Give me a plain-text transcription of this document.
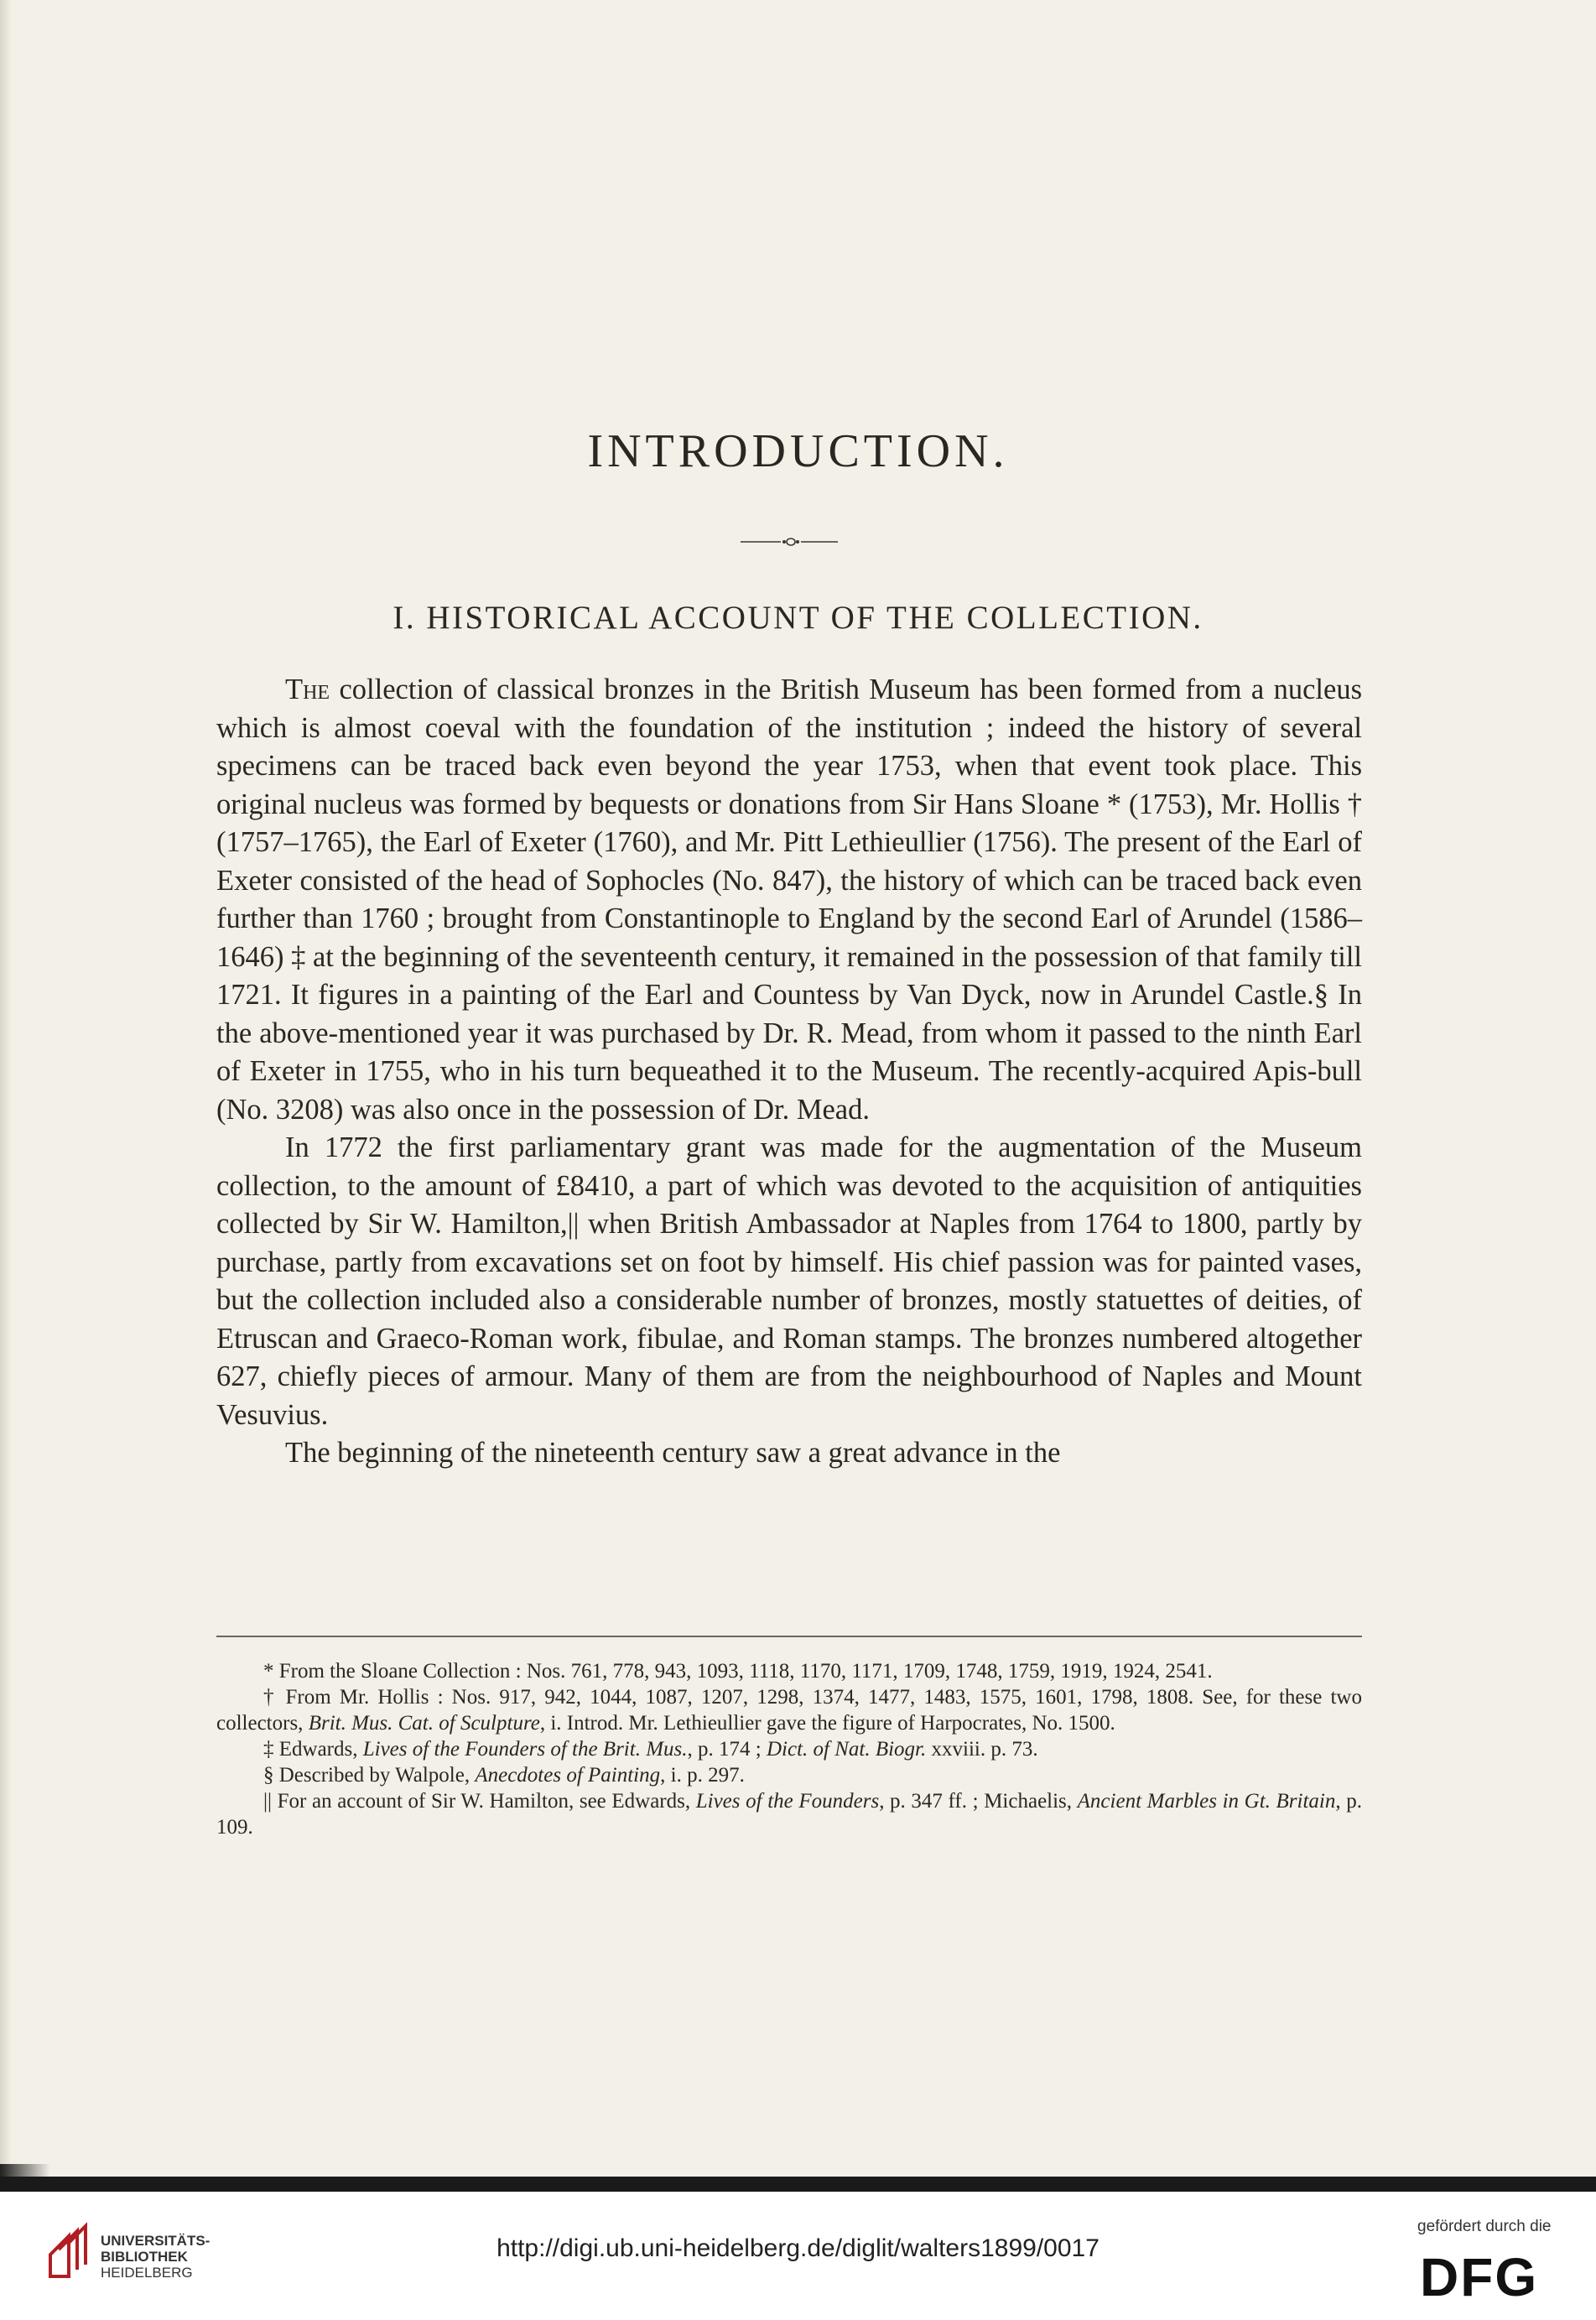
INTRODUCTION.
I. HISTORICAL ACCOUNT OF THE COLLECTION.

The collection of classical bronzes in the British Museum has been formed from a nucleus which is almost coeval with the foundation of the institution ; indeed the history of several specimens can be traced back even beyond the year 1753, when that event took place. This original nucleus was formed by bequests or donations from Sir Hans Sloane * (1753), Mr. Hollis † (1757–1765), the Earl of Exeter (1760), and Mr. Pitt Lethieullier (1756). The present of the Earl of Exeter consisted of the head of Sophocles (No. 847), the history of which can be traced back even further than 1760 ; brought from Constantinople to England by the second Earl of Arundel (1586–1646) ‡ at the beginning of the seventeenth century, it remained in the possession of that family till 1721. It figures in a painting of the Earl and Countess by Van Dyck, now in Arundel Castle.§ In the above-mentioned year it was purchased by Dr. R. Mead, from whom it passed to the ninth Earl of Exeter in 1755, who in his turn bequeathed it to the Museum. The recently-acquired Apis-bull (No. 3208) was also once in the possession of Dr. Mead.

In 1772 the first parliamentary grant was made for the augmentation of the Museum collection, to the amount of £8410, a part of which was devoted to the acquisition of antiquities collected by Sir W. Hamilton,|| when British Ambassador at Naples from 1764 to 1800, partly by purchase, partly from excavations set on foot by himself. His chief passion was for painted vases, but the collection included also a considerable number of bronzes, mostly statuettes of deities, of Etruscan and Graeco-Roman work, fibulae, and Roman stamps. The bronzes numbered altogether 627, chiefly pieces of armour. Many of them are from the neighbourhood of Naples and Mount Vesuvius.

The beginning of the nineteenth century saw a great advance in the

* From the Sloane Collection : Nos. 761, 778, 943, 1093, 1118, 1170, 1171, 1709, 1748, 1759, 1919, 1924, 2541.

† From Mr. Hollis : Nos. 917, 942, 1044, 1087, 1207, 1298, 1374, 1477, 1483, 1575, 1601, 1798, 1808. See, for these two collectors, Brit. Mus. Cat. of Sculpture, i. Introd. Mr. Lethieullier gave the figure of Harpocrates, No. 1500.

‡ Edwards, Lives of the Founders of the Brit. Mus., p. 174 ; Dict. of Nat. Biogr. xxviii. p. 73.

§ Described by Walpole, Anecdotes of Painting, i. p. 297.

|| For an account of Sir W. Hamilton, see Edwards, Lives of the Founders, p. 347 ff. ; Michaelis, Ancient Marbles in Gt. Britain, p. 109.

UNIVERSITÄTS-
BIBLIOTHEK
HEIDELBERG
http://digi.ub.uni-heidelberg.de/diglit/walters1899/0017
gefördert durch die
DFG
